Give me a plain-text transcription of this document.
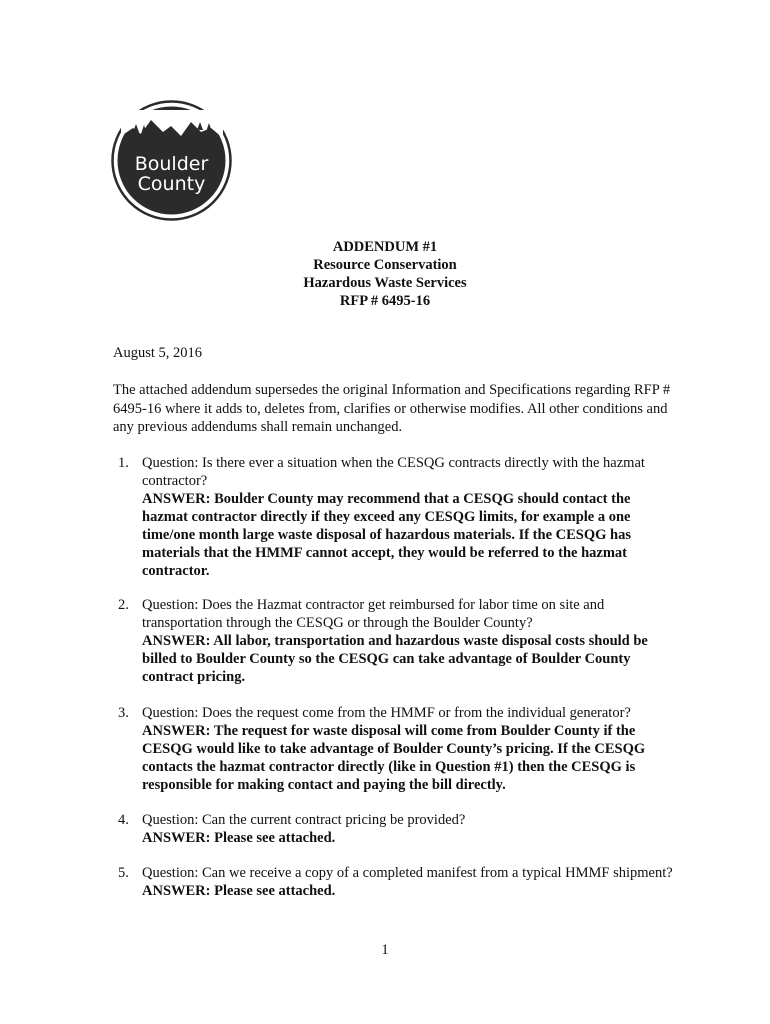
Boulder
County
ADDENDUM #1
Resource Conservation
Hazardous Waste Services
RFP # 6495-16
August 5, 2016
The attached addendum supersedes the original Information and Specifications regarding RFP # 6495-16 where it adds to, deletes from, clarifies or otherwise modifies. All other conditions and any previous addendums shall remain unchanged.
1. Question: Is there ever a situation when the CESQG contracts directly with the hazmat contractor?
ANSWER: Boulder County may recommend that a CESQG should contact the hazmat contractor directly if they exceed any CESQG limits, for example a one time/one month large waste disposal of hazardous materials. If the CESQG has materials that the HMMF cannot accept, they would be referred to the hazmat contractor.
2. Question: Does the Hazmat contractor get reimbursed for labor time on site and transportation through the CESQG or through the Boulder County?
ANSWER: All labor, transportation and hazardous waste disposal costs should be billed to Boulder County so the CESQG can take advantage of Boulder County contract pricing.
3. Question: Does the request come from the HMMF or from the individual generator?
ANSWER: The request for waste disposal will come from Boulder County if the CESQG would like to take advantage of Boulder County’s pricing. If the CESQG contacts the hazmat contractor directly (like in Question #1) then the CESQG is responsible for making contact and paying the bill directly.
4. Question: Can the current contract pricing be provided?
ANSWER: Please see attached.
5. Question: Can we receive a copy of a completed manifest from a typical HMMF shipment?
ANSWER: Please see attached.
1
